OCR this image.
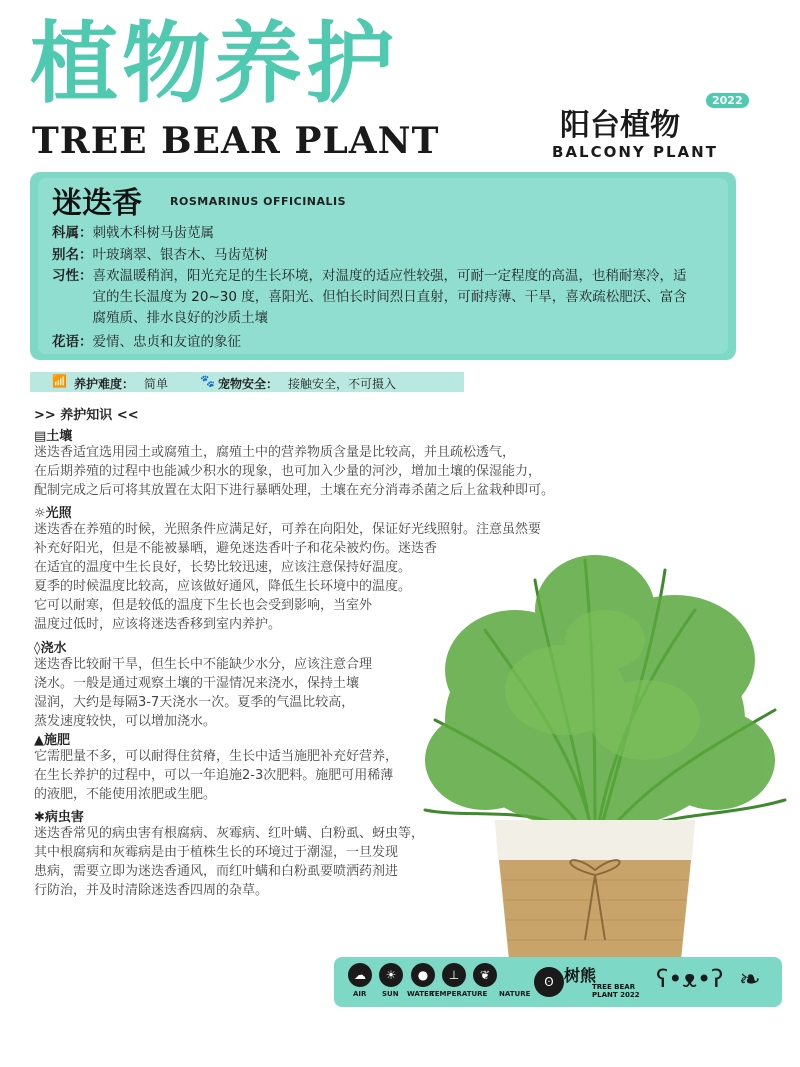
植物养护
TREE BEAR PLANT	阳台植物
2022
BALCONY PLANT
迷迭香	ROSMARINUS OFFICINALIS
科属：刺戟木科树马齿苋属
别名：叶玻璃翠、银杏木、马齿苋树
习性：喜欢温暖稍润，阳光充足的生长环境，对温度的适应性较强，可耐一定程度的高温，也稍耐寒冷，适宜的生长温度为 20~30 度，喜阳光、但怕长时间烈日直射，可耐痔薄、干旱，喜欢疏松肥沃、富含腐殖质、排水良好的沙质土壤
花语：爱情、忠贞和友谊的象征
📶 养护难度： 简单	🐾 宠物安全： 接触安全，不可摄入
>> 养护知识 <<
▤土壤
迷迭香适宜选用园土或腐殖土，腐殖土中的营养物质含量是比较高，并且疏松透气，
在后期养殖的过程中也能减少积水的现象，也可加入少量的河沙，增加土壤的保湿能力，
配制完成之后可将其放置在太阳下进行暴晒处理，土壤在充分消毒杀菌之后上盆栽种即可。
☼光照
迷迭香在养殖的时候，光照条件应满足好，可养在向阳处，保证好光线照射。注意虽然要
补充好阳光，但是不能被暴晒，避免迷迭香叶子和花朵被灼伤。迷迭香
在适宜的温度中生长良好，长势比较迅速，应该注意保持好温度。
夏季的时候温度比较高，应该做好通风，降低生长环境中的温度。
它可以耐寒，但是较低的温度下生长也会受到影响，当室外
温度过低时，应该将迷迭香移到室内养护。
◊浇水
迷迭香比较耐干旱，但生长中不能缺少水分，应该注意合理
浇水。一般是通过观察土壤的干湿情况来浇水，保持土壤
湿润，大约是每隔3-7天浇水一次。夏季的气温比较高，
蒸发速度较快，可以增加浇水。
▲施肥
它需肥量不多，可以耐得住贫瘠，生长中适当施肥补充好营养，
在生长养护的过程中，可以一年追施2-3次肥料。施肥可用稀薄
的液肥，不能使用浓肥或生肥。
✱病虫害
迷迭香常见的病虫害有根腐病、灰霉病、红叶螨、白粉虱、蚜虫等，
其中根腐病和灰霉病是由于植株生长的环境过于潮湿，一旦发现
患病，需要立即为迷迭香通风，而红叶螨和白粉虱要喷洒药剂进
行防治，并及时清除迷迭香四周的杂草。
☁
AIR
☀
SUN
●
WATER
⊥
TEMPERATURE
❦
NATURE
ʘ 树熊
TREE BEAR
PLANT 2022
ʕ•ᴥ•ʔ ❧
